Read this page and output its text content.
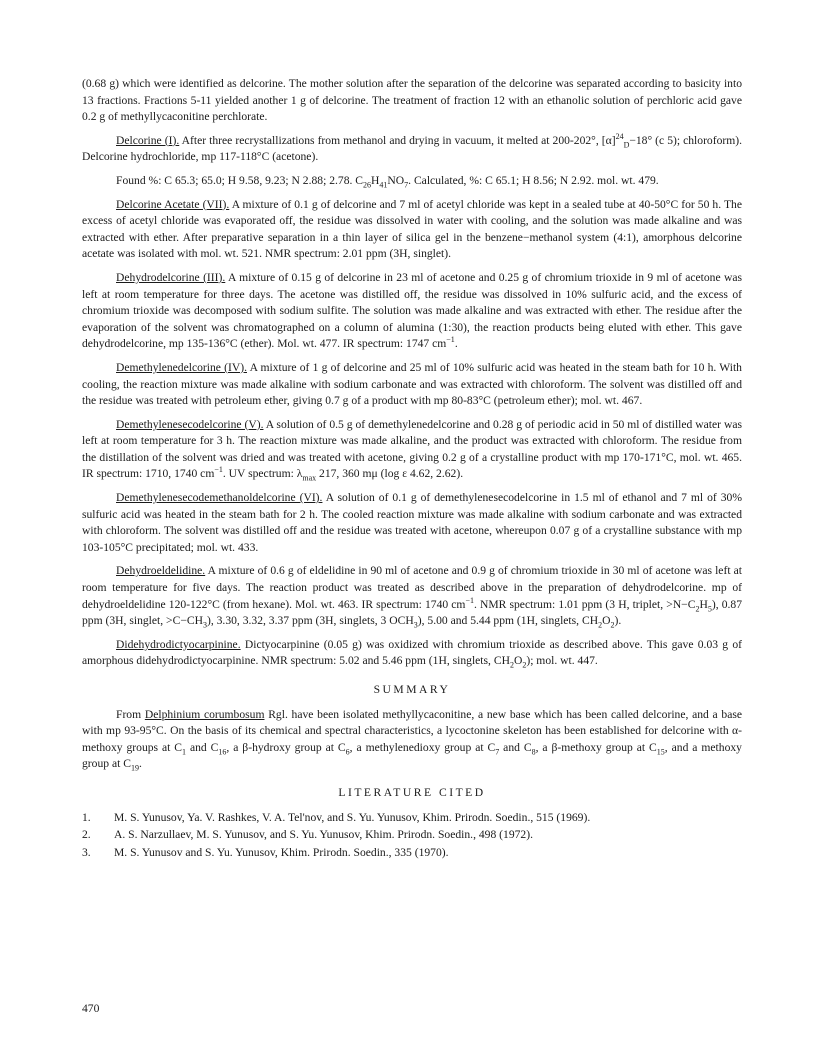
(0.68 g) which were identified as delcorine. The mother solution after the separation of the delcorine was separated according to basicity into 13 fractions. Fractions 5-11 yielded another 1 g of delcorine. The treatment of fraction 12 with an ethanolic solution of perchloric acid gave 0.2 g of methyllycaconitine perchlorate.

Delcorine (I). After three recrystallizations from methanol and drying in vacuum, it melted at 200-202°, $[\alpha]^{24}_D-18^\circ$ (c 5); chloroform). Delcorine hydrochloride, mp 117-118°C (acetone).

Found %: C 65.3; 65.0; H 9.58, 9.23; N 2.88; 2.78. $C_{26}H_{41}NO_7$. Calculated, %: C 65.1; H 8.56; N 2.92. mol. wt. 479.

Delcorine Acetate (VII). A mixture of 0.1 g of delcorine and 7 ml of acetyl chloride was kept in a sealed tube at 40-50°C for 50 h. The excess of acetyl chloride was evaporated off, the residue was dissolved in water with cooling, and the solution was made alkaline and was extracted with ether. After preparative separation in a thin layer of silica gel in the benzene−methanol system (4:1), amorphous delcorine acetate was isolated with mol. wt. 521. NMR spectrum: 2.01 ppm (3H, singlet).

Dehydrodelcorine (III). A mixture of 0.15 g of delcorine in 23 ml of acetone and 0.25 g of chromium trioxide in 9 ml of acetone was left at room temperature for three days. The acetone was distilled off, the residue was dissolved in 10% sulfuric acid, and the excess of chromium trioxide was decomposed with sodium sulfite. The solution was made alkaline and was extracted with ether. The residue after the evaporation of the solvent was chromatographed on a column of alumina (1:30), the reaction products being eluted with ether. This gave dehydrodelcorine, mp 135-136°C (ether). Mol. wt. 477. IR spectrum: 1747 $cm^{-1}$.

Demethylenedelcorine (IV). A mixture of 1 g of delcorine and 25 ml of 10% sulfuric acid was heated in the steam bath for 10 h. With cooling, the reaction mixture was made alkaline with sodium carbonate and was extracted with chloroform. The solvent was distilled off and the residue was treated with petroleum ether, giving 0.7 g of a product with mp 80-83°C (petroleum ether); mol. wt. 467.

Demethylenesecodelcorine (V). A solution of 0.5 g of demethylenedelcorine and 0.28 g of periodic acid in 50 ml of distilled water was left at room temperature for 3 h. The reaction mixture was made alkaline, and the product was extracted with chloroform. The residue from the distillation of the solvent was dried and was treated with acetone, giving 0.2 g of a crystalline product with mp 170-171°C, mol. wt. 465. IR spectrum: 1710, 1740 $cm^{-1}$. UV spectrum: $\lambda_{max}$ 217, 360 mμ (log ε 4.62, 2.62).

Demethylenesecodemethanoldelcorine (VI). A solution of 0.1 g of demethylenesecodelcorine in 1.5 ml of ethanol and 7 ml of 30% sulfuric acid was heated in the steam bath for 2 h. The cooled reaction mixture was made alkaline with sodium carbonate and was extracted with chloroform. The solvent was distilled off and the residue was treated with acetone, whereupon 0.07 g of a crystalline substance with mp 103-105°C precipitated; mol. wt. 433.

Dehydroeldelidine. A mixture of 0.6 g of eldelidine in 90 ml of acetone and 0.9 g of chromium trioxide in 30 ml of acetone was left at room temperature for five days. The reaction product was treated as described above in the preparation of dehydrodelcorine. mp of dehydroeldelidine 120-122°C (from hexane). Mol. wt. 463. IR spectrum: 1740 $cm^{-1}$. NMR spectrum: 1.01 ppm (3 H, triplet, $>N-C_2H_5$), 0.87 ppm (3H, singlet, $>C-CH_3$), 3.30, 3.32, 3.37 ppm (3H, singlets, 3 $OCH_3$), 5.00 and 5.44 ppm (1H, singlets, $CH_2O_2$).

Didehydrodictyocarpinine. Dictyocarpinine (0.05 g) was oxidized with chromium trioxide as described above. This gave 0.03 g of amorphous didehydrodictyocarpinine. NMR spectrum: 5.02 and 5.46 ppm (1H, singlets, $CH_2O_2$); mol. wt. 447.

SUMMARY

From Delphinium corumbosum Rgl. have been isolated methyllycaconitine, a new base which has been called delcorine, and a base with mp 93-95°C. On the basis of its chemical and spectral characteristics, a lycoctonine skeleton has been established for delcorine with α-methoxy groups at $C_1$ and $C_{16}$, a β-hydroxy group at $C_6$, a methylenedioxy group at $C_7$ and $C_8$, a β-methoxy group at $C_{15}$, and a methoxy group at $C_{19}$.

LITERATURE CITED
1.	M. S. Yunusov, Ya. V. Rashkes, V. A. Tel'nov, and S. Yu. Yunusov, Khim. Prirodn. Soedin., 515 (1969).
2.	A. S. Narzullaev, M. S. Yunusov, and S. Yu. Yunusov, Khim. Prirodn. Soedin., 498 (1972).
3.	M. S. Yunusov and S. Yu. Yunusov, Khim. Prirodn. Soedin., 335 (1970).
470
